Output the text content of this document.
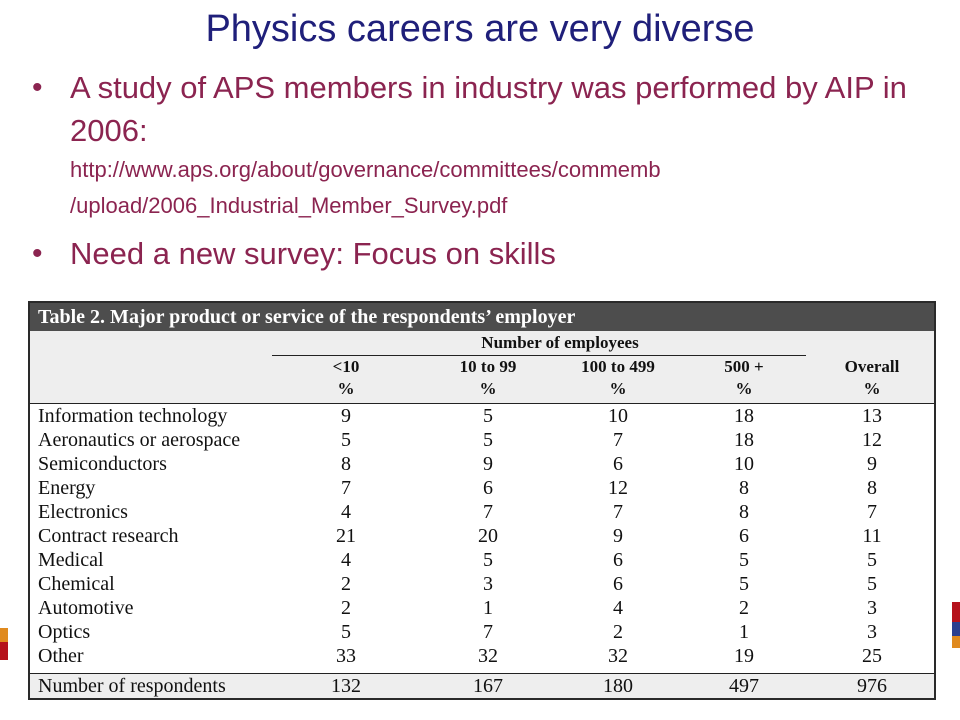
Physics careers are very diverse
• A study of APS members in industry was performed by AIP in 2006:
http://www.aps.org/about/governance/committees/commemb
/upload/2006_Industrial_Member_Survey.pdf
• Need a new survey: Focus on skills
Table 2. Major product or service of the respondents’ employer
Number of employees
<10	10 to 99	100 to 499	500 +	Overall
%	%	%	%	%
Information technology	9	5	10	18	13
Aeronautics or aerospace	5	5	7	18	12
Semiconductors	8	9	6	10	9
Energy	7	6	12	8	8
Electronics	4	7	7	8	7
Contract research	21	20	9	6	11
Medical	4	5	6	5	5
Chemical	2	3	6	5	5
Automotive	2	1	4	2	3
Optics	5	7	2	1	3
Other	33	32	32	19	25
Number of respondents	132	167	180	497	976
